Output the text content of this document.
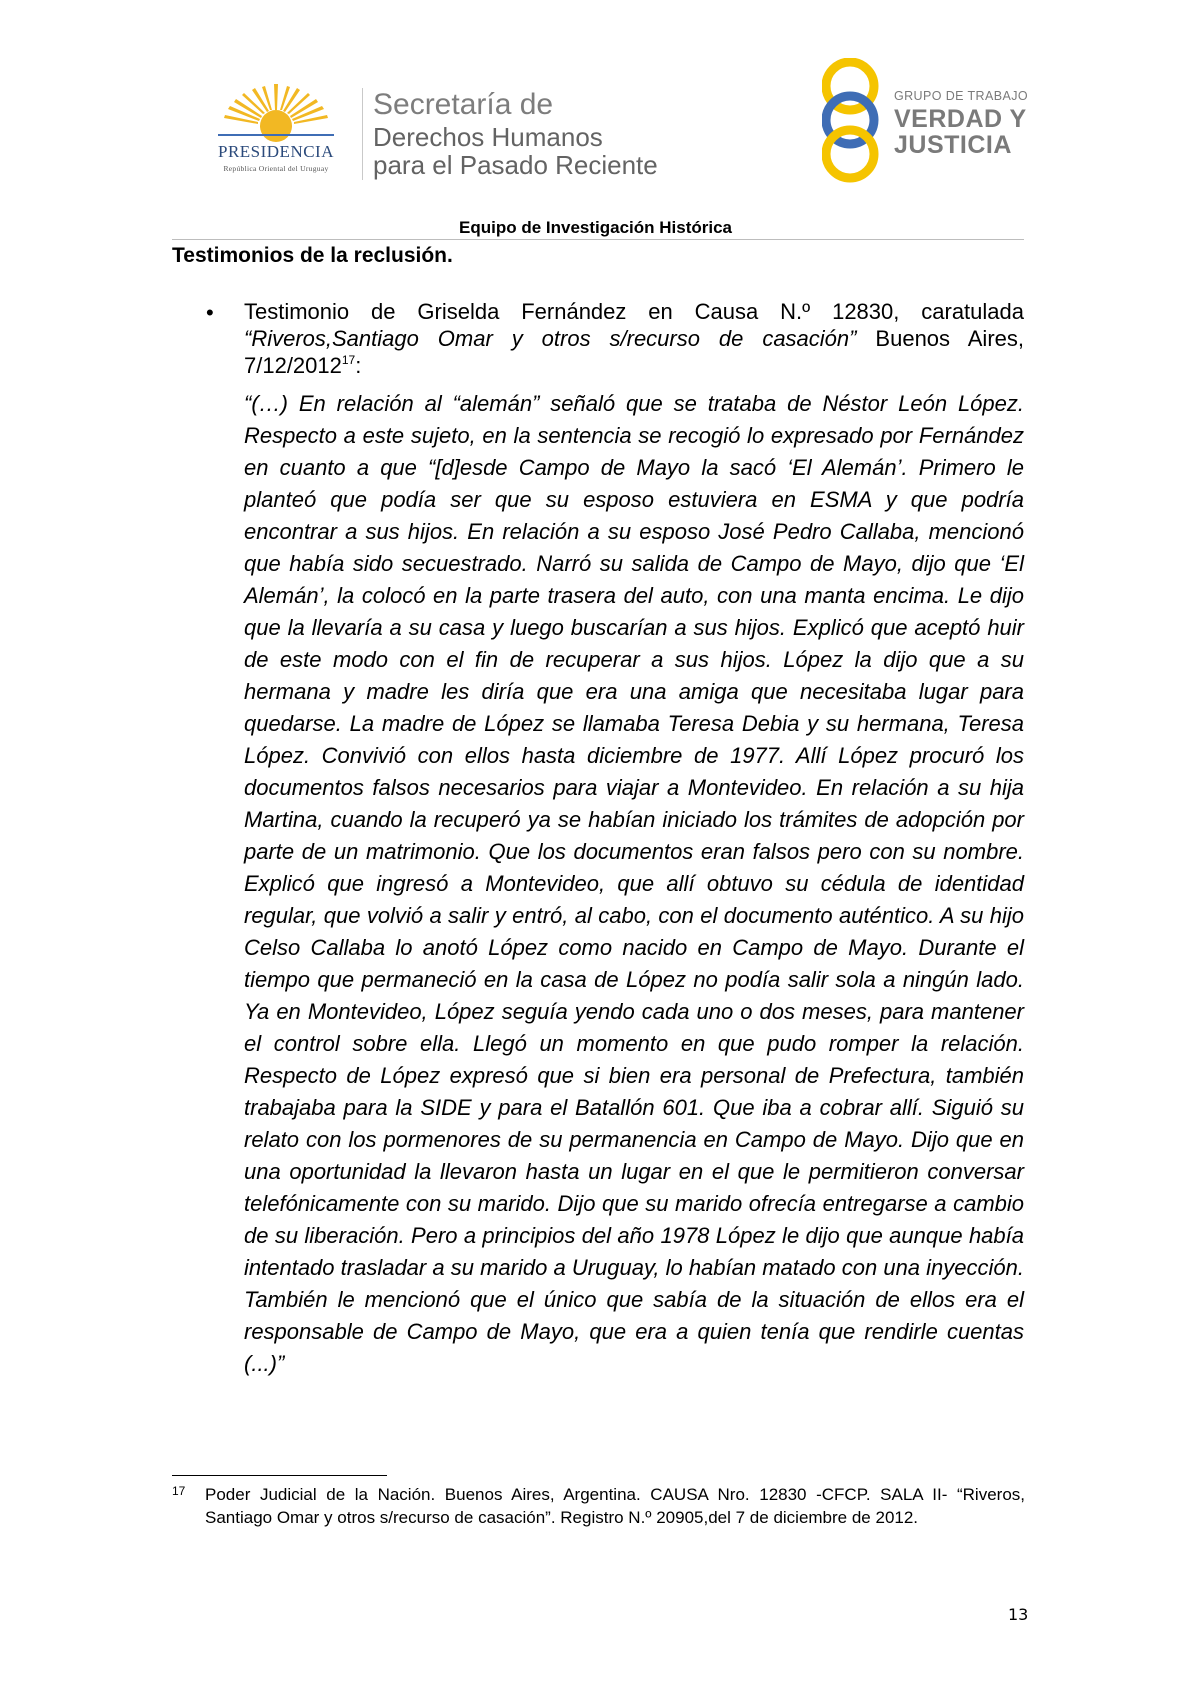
PRESIDENCIA
República Oriental del Uruguay
Secretaría de
Derechos Humanos
para el Pasado Reciente
GRUPO DE TRABAJO
VERDAD Y
JUSTICIA
Equipo de Investigación Histórica
Testimonios de la reclusión.
• Testimonio de Griselda Fernández en Causa N.º 12830, caratulada “Riveros,Santiago Omar y otros s/recurso de casación” Buenos Aires, 7/12/2012$^{17}$:
“(…) En relación al “alemán” señaló que se trataba de Néstor León López. Respecto a este sujeto, en la sentencia se recogió lo expresado por Fernández en cuanto a que “[d]esde Campo de Mayo la sacó ‘El Alemán’. Primero le planteó que podía ser que su esposo estuviera en ESMA y que podría encontrar a sus hijos. En relación a su esposo José Pedro Callaba, mencionó que había sido secuestrado. Narró su salida de Campo de Mayo, dijo que ‘El Alemán’, la colocó en la parte trasera del auto, con una manta encima. Le dijo que la llevaría a su casa y luego buscarían a sus hijos. Explicó que aceptó huir de este modo con el fin de recuperar a sus hijos. López la dijo que a su hermana y madre les diría que era una amiga que necesitaba lugar para quedarse. La madre de López se llamaba Teresa Debia y su hermana, Teresa López. Convivió con ellos hasta diciembre de 1977. Allí López procuró los documentos falsos necesarios para viajar a Montevideo. En relación a su hija Martina, cuando la recuperó ya se habían iniciado los trámites de adopción por parte de un matrimonio. Que los documentos eran falsos pero con su nombre. Explicó que ingresó a Montevideo, que allí obtuvo su cédula de identidad regular, que volvió a salir y entró, al cabo, con el documento auténtico. A su hijo Celso Callaba lo anotó López como nacido en Campo de Mayo. Durante el tiempo que permaneció en la casa de López no podía salir sola a ningún lado. Ya en Montevideo, López seguía yendo cada uno o dos meses, para mantener el control sobre ella. Llegó un momento en que pudo romper la relación. Respecto de López expresó que si bien era personal de Prefectura, también trabajaba para la SIDE y para el Batallón 601. Que iba a cobrar allí. Siguió su relato con los pormenores de su permanencia en Campo de Mayo. Dijo que en una oportunidad la llevaron hasta un lugar en el que le permitieron conversar telefónicamente con su marido. Dijo que su marido ofrecía entregarse a cambio de su liberación. Pero a principios del año 1978 López le dijo que aunque había intentado trasladar a su marido a Uruguay, lo habían matado con una inyección. También le mencionó que el único que sabía de la situación de ellos era el responsable de Campo de Mayo, que era a quien tenía que rendirle cuentas (...)”
17 Poder Judicial de la Nación. Buenos Aires, Argentina. CAUSA Nro. 12830 -CFCP. SALA II- “Riveros, Santiago Omar y otros s/recurso de casación”. Registro N.º 20905,del 7 de diciembre de 2012.
13
